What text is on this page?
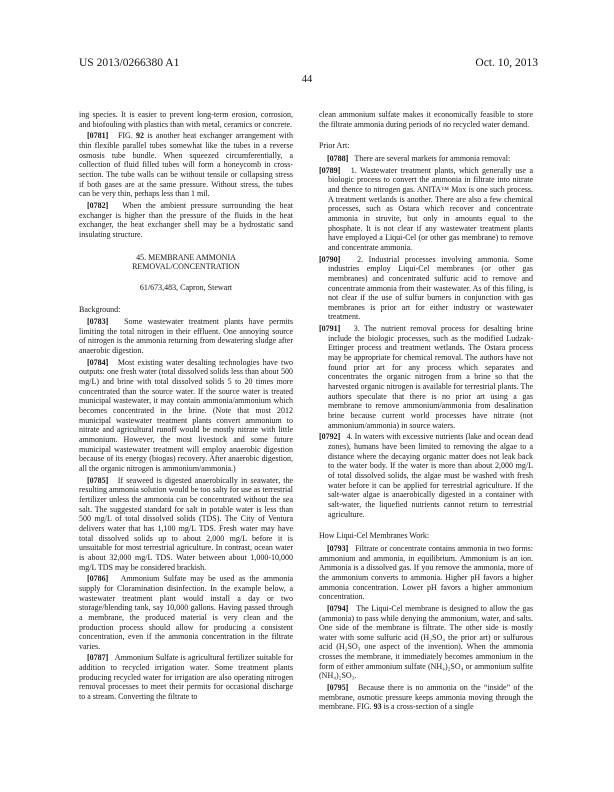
US 2013/0266380 A1	Oct. 10, 2013
44

ing species. It is easier to prevent long-term erosion, corrosion, and biofouling with plastics than with metal, ceramics or concrete.

[0781]   FIG. 92 is another heat exchanger arrangement with thin flexible parallel tubes somewhat like the tubes in a reverse osmosis tube bundle. When squeezed circumferentially, a collection of fluid filled tubes will form a honeycomb in cross-section. The tube walls can be without tensile or collapsing stress if both gases are at the same pressure. Without stress, the tubes can be very thin, perhaps less than 1 mil.

[0782]   When the ambient pressure surrounding the heat exchanger is higher than the pressure of the fluids in the heat exchanger, the heat exchanger shell may be a hydrostatic sand insulating structure.

45. MEMBRANE AMMONIA
REMOVAL/CONCENTRATION

61/673,483, Capron, Stewart

Background:

[0783]   Some wastewater treatment plants have permits limiting the total nitrogen in their effluent. One annoying source of nitrogen is the ammonia returning from dewatering sludge after anaerobic digestion.

[0784]   Most existing water desalting technologies have two outputs: one fresh water (total dissolved solids less than about 500 mg/L) and brine with total dissolved solids 5 to 20 times more concentrated than the source water. If the source water is treated municipal wastewater, it may contain ammonia/ammonium which becomes concentrated in the brine. (Note that most 2012 municipal wastewater treatment plants convert ammonium to nitrate and agricultural runoff would be mostly nitrate with little ammonium. However, the most livestock and some future municipal wastewater treatment will employ anaerobic digestion because of its energy (biogas) recovery. After anaerobic digestion, all the organic nitrogen is ammonium/ammonia.)

[0785]   If seaweed is digested anaerobically in seawater, the resulting ammonia solution would be too salty for use as terrestrial fertilizer unless the ammonia can be concentrated without the sea salt. The suggested standard for salt in potable water is less than 500 mg/L of total dissolved solids (TDS). The City of Ventura delivers water that has 1,100 mg/L TDS. Fresh water may have total dissolved solids up to about 2,000 mg/L before it is unsuitable for most terrestrial agriculture. In contrast, ocean water is about 32,000 mg/L TDS. Water between about 1,000-10,000 mg/L TDS may be considered brackish.

[0786]   Ammonium Sulfate may be used as the ammonia supply for Cloramination disinfection. In the example below, a wastewater treatment plant would install a day or two storage/blending tank, say 10,000 gallons. Having passed through a membrane, the produced material is very clean and the production process should allow for producing a consistent concentration, even if the ammonia concentration in the filtrate varies.

[0787]   Ammonium Sulfate is agricultural fertilizer suitable for addition to recycled irrigation water. Some treatment plants producing recycled water for irrigation are also operating nitrogen removal processes to meet their permits for occasional discharge to a stream. Converting the filtrate to

clean ammonium sulfate makes it economically feasible to store the filtrate ammonia during periods of no recycled water demand.

Prior Art:

[0788]   There are several markets for ammonia removal:

[0789]   1. Wastewater treatment plants, which generally use a biologic process to convert the ammonia in filtrate into nitrate and thence to nitrogen gas. ANITA™ Mox is one such process. A treatment wetlands is another. There are also a few chemical processes, such as Ostara which recover and concentrate ammonia in struvite, but only in amounts equal to the phosphate. It is not clear if any wastewater treatment plants have employed a Liqui-Cel (or other gas membrane) to remove and concentrate ammonia.

[0790]   2. Industrial processes involving ammonia. Some industries employ Liqui-Cel membranes (or other gas membranes) and concentrated sulfuric acid to remove and concentrate ammonia from their wastewater. As of this filing, is not clear if the use of sulfur burners in conjunction with gas membranes is prior art for either industry or wastewater treatment.

[0791]   3. The nutrient removal process for desalting brine include the biologic processes, such as the modified Ludzak-Ettinger process and treatment wetlands. The Ostara process may be appropriate for chemical removal. The authors have not found prior art for any process which separates and concentrates the organic nitrogen from a brine so that the harvested organic nitrogen is available for terrestrial plants. The authors speculate that there is no prior art using a gas membrane to remove ammonium/ammonia from desalination brine because current world processes have nitrate (not ammonium/ammonia) in source waters.

[0792]   4. In waters with excessive nutrients (lake and ocean dead zones), humans have been limited to removing the algae to a distance where the decaying organic matter does not leak back to the water body. If the water is more than about 2,000 mg/L of total dissolved solids, the algae must be washed with fresh water before it can be applied for terrestrial agriculture. If the salt-water algae is anaerobically digested in a container with salt-water, the liquefied nutrients cannot return to terrestrial agriculture.

How Liqui-Cel Membranes Work:

[0793]   Filtrate or concentrate contains ammonia in two forms: ammonium and ammonia, in equilibrium. Ammonium is an ion. Ammonia is a dissolved gas. If you remove the ammonia, more of the ammonium converts to ammonia. Higher pH favors a higher ammonia concentration. Lower pH favors a higher ammonium concentration.

[0794]   The Liqui-Cel membrane is designed to allow the gas (ammonia) to pass while denying the ammonium, water, and salts. One side of the membrane is filtrate. The other side is mostly water with some sulfuric acid (H₂SO₄ the prior art) or sulfurous acid (H₂SO₃ one aspect of the invention). When the ammonia crosses the membrane, it immediately becomes ammonium in the form of either ammonium sulfate (NH₄)₂SO₄ or ammonium sulfite (NH₄)₂SO₃.

[0795]   Because there is no ammonia on the “inside” of the membrane, osmotic pressure keeps ammonia moving through the membrane. FIG. 93 is a cross-section of a single
